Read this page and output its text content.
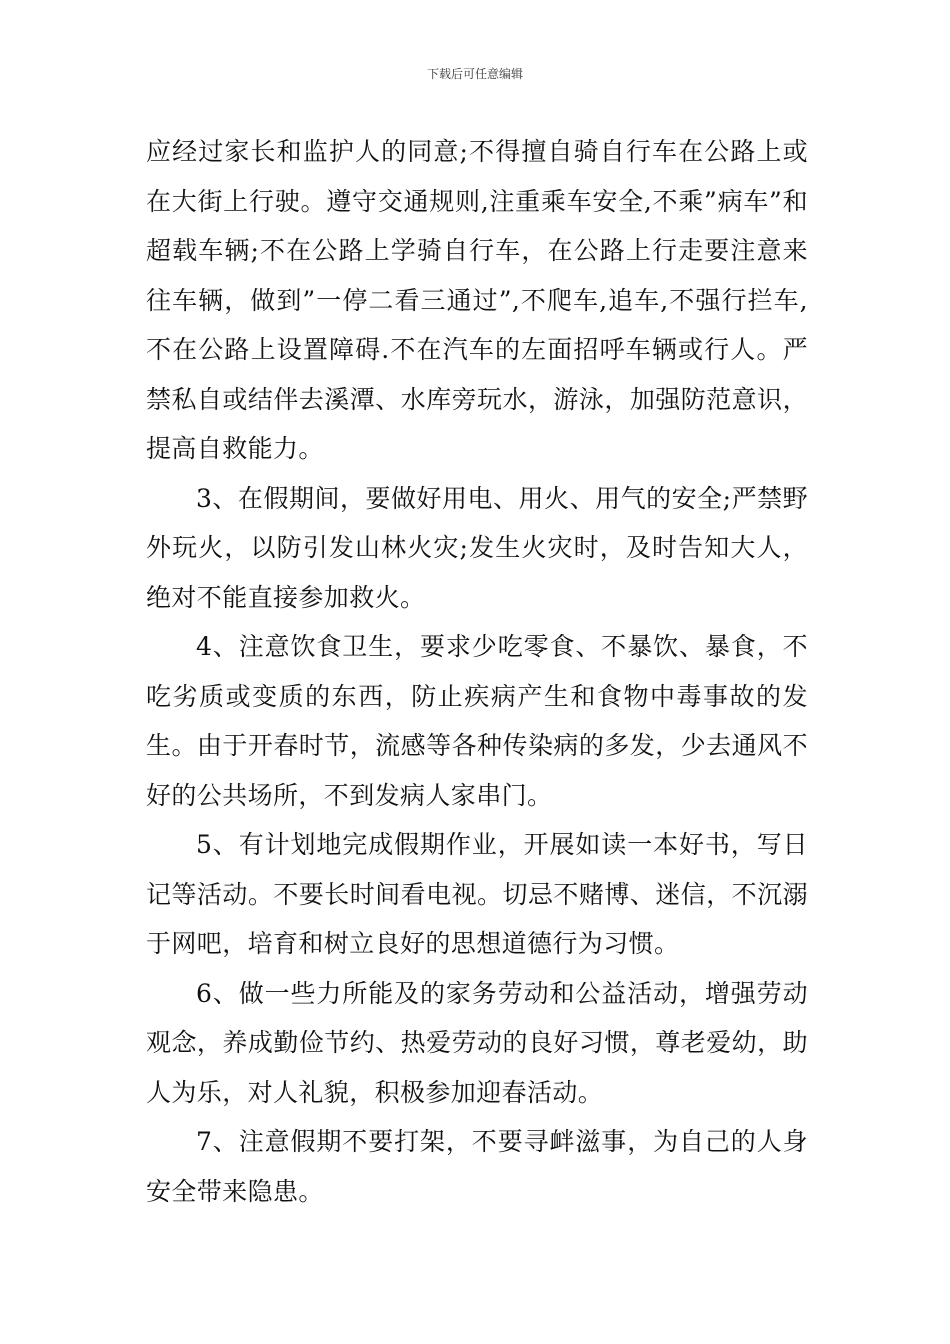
下载后可任意编辑

应经过家长和监护人的同意;不得擅自骑自行车在公路上或在大街上行驶。遵守交通规则,注重乘车安全,不乘”病车”和超载车辆;不在公路上学骑自行车，在公路上行走要注意来往车辆，做到”一停二看三通过”,不爬车,追车,不强行拦车,不在公路上设置障碍.不在汽车的左面招呼车辆或行人。严禁私自或结伴去溪潭、水库旁玩水，游泳，加强防范意识，提高自救能力。

3、在假期间，要做好用电、用火、用气的安全;严禁野外玩火，以防引发山林火灾;发生火灾时，及时告知大人，绝对不能直接参加救火。

4、注意饮食卫生，要求少吃零食、不暴饮、暴食，不吃劣质或变质的东西，防止疾病产生和食物中毒事故的发生。由于开春时节，流感等各种传染病的多发，少去通风不好的公共场所，不到发病人家串门。

5、有计划地完成假期作业，开展如读一本好书，写日记等活动。不要长时间看电视。切忌不赌博、迷信，不沉溺于网吧，培育和树立良好的思想道德行为习惯。

6、做一些力所能及的家务劳动和公益活动，增强劳动观念，养成勤俭节约、热爱劳动的良好习惯，尊老爱幼，助人为乐，对人礼貌，积极参加迎春活动。

7、注意假期不要打架，不要寻衅滋事，为自己的人身安全带来隐患。
